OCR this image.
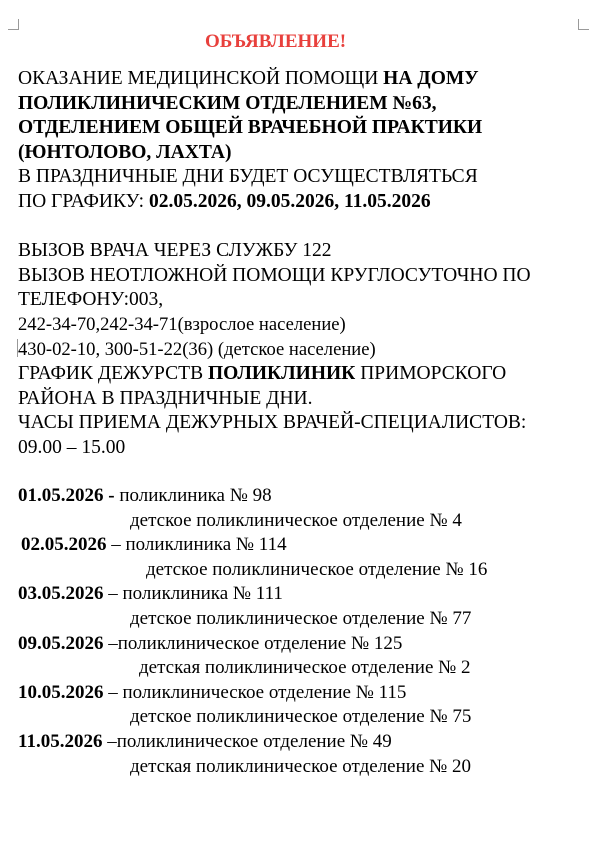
ОБЪЯВЛЕНИЕ!
ОКАЗАНИЕ МЕДИЦИНСКОЙ ПОМОЩИ НА ДОМУ
ПОЛИКЛИНИЧЕСКИМ ОТДЕЛЕНИЕМ №63,
ОТДЕЛЕНИЕМ ОБЩЕЙ ВРАЧЕБНОЙ ПРАКТИКИ
(ЮНТОЛОВО, ЛАХТА)
В ПРАЗДНИЧНЫЕ ДНИ БУДЕТ ОСУЩЕСТВЛЯТЬСЯ
ПО ГРАФИКУ: 02.05.2026, 09.05.2026, 11.05.2026
ВЫЗОВ ВРАЧА ЧЕРЕЗ СЛУЖБУ 122
ВЫЗОВ НЕОТЛОЖНОЙ ПОМОЩИ КРУГЛОСУТОЧНО ПО
ТЕЛЕФОНУ:003,
242-34-70,242-34-71(взрослое население)
430-02-10, 300-51-22(36) (детское население)
ГРАФИК ДЕЖУРСТВ ПОЛИКЛИНИК ПРИМОРСКОГО
РАЙОНА В ПРАЗДНИЧНЫЕ ДНИ.
ЧАСЫ ПРИЕМА ДЕЖУРНЫХ ВРАЧЕЙ-СПЕЦИАЛИСТОВ:
09.00 – 15.00
01.05.2026 - поликлиника № 98
детское поликлиническое отделение № 4
02.05.2026 – поликлиника № 114
детское поликлиническое отделение № 16
03.05.2026 – поликлиника № 111
детское поликлиническое отделение № 77
09.05.2026 –поликлиническое отделение № 125
детская поликлиническое отделение № 2
10.05.2026 – поликлиническое отделение № 115
детское поликлиническое отделение № 75
11.05.2026 –поликлиническое отделение № 49
детская поликлиническое отделение № 20
